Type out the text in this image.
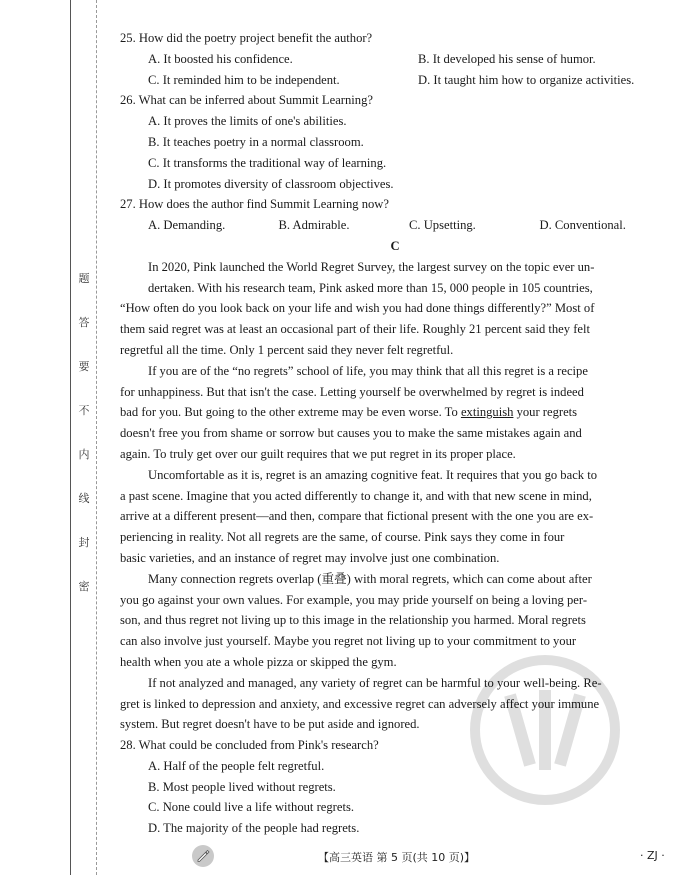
题
答
要
不
内
线
封
密
25. How did the poetry project benefit the author?
A. It boosted his confidence.	B. It developed his sense of humor.
C. It reminded him to be independent.	D. It taught him how to organize activities.
26. What can be inferred about Summit Learning?
A. It proves the limits of one's abilities.
B. It teaches poetry in a normal classroom.
C. It transforms the traditional way of learning.
D. It promotes diversity of classroom objectives.
27. How does the author find Summit Learning now?
A. Demanding.	B. Admirable.	C. Upsetting.	D. Conventional.
C
In 2020, Pink launched the World Regret Survey, the largest survey on the topic ever un-
dertaken. With his research team, Pink asked more than 15, 000 people in 105 countries,
“How often do you look back on your life and wish you had done things differently?” Most of
them said regret was at least an occasional part of their life. Roughly 21 percent said they felt
regretful all the time. Only 1 percent said they never felt regretful.
If you are of the “no regrets” school of life, you may think that all this regret is a recipe
for unhappiness. But that isn't the case. Letting yourself be overwhelmed by regret is indeed
bad for you. But going to the other extreme may be even worse. To extinguish your regrets
doesn't free you from shame or sorrow but causes you to make the same mistakes again and
again. To truly get over our guilt requires that we put regret in its proper place.
Uncomfortable as it is, regret is an amazing cognitive feat. It requires that you go back to
a past scene. Imagine that you acted differently to change it, and with that new scene in mind,
arrive at a different present—and then, compare that fictional present with the one you are ex-
periencing in reality. Not all regrets are the same, of course. Pink says they come in four
basic varieties, and an instance of regret may involve just one combination.
Many connection regrets overlap (重叠) with moral regrets, which can come about after
you go against your own values. For example, you may pride yourself on being a loving per-
son, and thus regret not living up to this image in the relationship you harmed. Moral regrets
can also involve just yourself. Maybe you regret not living up to your commitment to your
health when you ate a whole pizza or skipped the gym.
If not analyzed and managed, any variety of regret can be harmful to your well-being. Re-
gret is linked to depression and anxiety, and excessive regret can adversely affect your immune
system. But regret doesn't have to be put aside and ignored.
28. What could be concluded from Pink's research?
A. Half of the people felt regretful.
B. Most people lived without regrets.
C. None could live a life without regrets.
D. The majority of the people had regrets.
【高三英语 第 5 页(共 10 页)】	· ZJ ·
